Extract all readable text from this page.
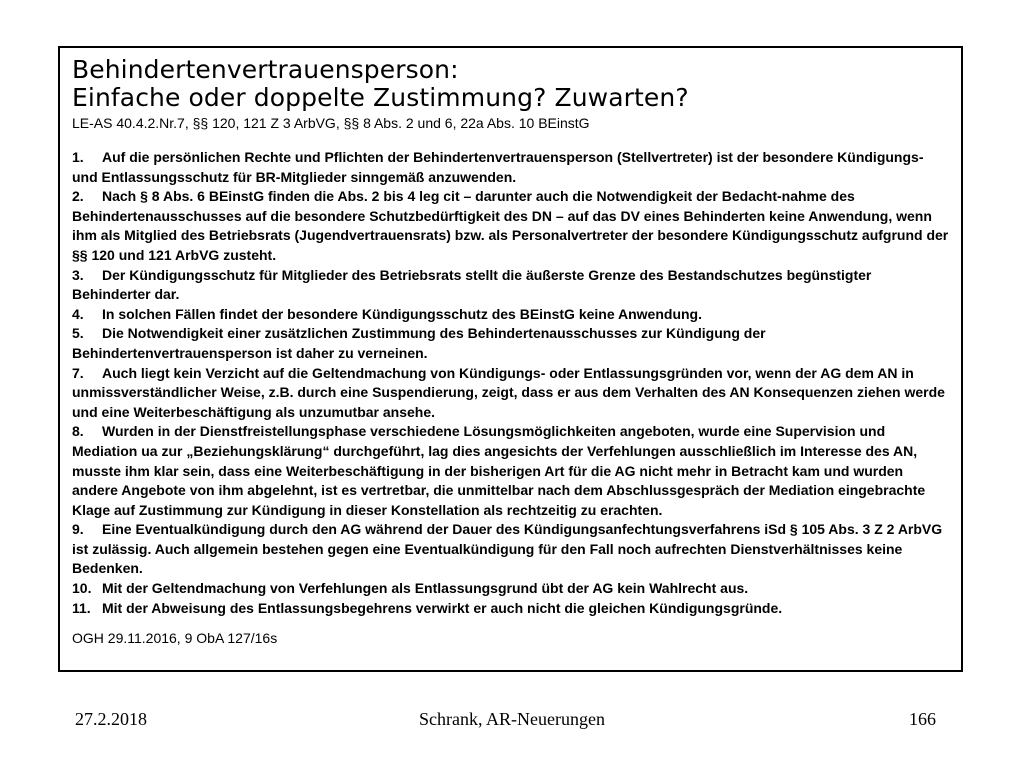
Behindertenvertrauensperson:
Einfache oder doppelte Zustimmung? Zuwarten?

LE-AS 40.4.2.Nr.7, §§ 120, 121 Z 3 ArbVG, §§ 8 Abs. 2 und 6, 22a Abs. 10 BEinstG

1. Auf die persönlichen Rechte und Pflichten der Behindertenvertrauensperson (Stellvertreter) ist der besondere Kündigungs- und Entlassungsschutz für BR-Mitglieder sinngemäß anzuwenden.
2. Nach § 8 Abs. 6 BEinstG finden die Abs. 2 bis 4 leg cit – darunter auch die Notwendigkeit der Bedacht-nahme des Behindertenausschusses auf die besondere Schutzbedürftigkeit des DN – auf das DV eines Behinderten keine Anwendung, wenn ihm als Mitglied des Betriebsrats (Jugendvertrauensrats) bzw. als Personalvertreter der besondere Kündigungsschutz aufgrund der §§ 120 und 121 ArbVG zusteht.
3. Der Kündigungsschutz für Mitglieder des Betriebsrats stellt die äußerste Grenze des Bestandschutzes begünstigter Behinderter dar.
4. In solchen Fällen findet der besondere Kündigungsschutz des BEinstG keine Anwendung.
5. Die Notwendigkeit einer zusätzlichen Zustimmung des Behindertenausschusses zur Kündigung der Behindertenvertrauensperson ist daher zu verneinen.
7. Auch liegt kein Verzicht auf die Geltendmachung von Kündigungs- oder Entlassungsgründen vor, wenn der AG dem AN in unmissverständlicher Weise, z.B. durch eine Suspendierung, zeigt, dass er aus dem Verhalten des AN Konsequenzen ziehen werde und eine Weiterbeschäftigung als unzumutbar ansehe.
8. Wurden in der Dienstfreistellungsphase verschiedene Lösungsmöglichkeiten angeboten, wurde eine Supervision und Mediation ua zur „Beziehungsklärung“ durchgeführt, lag dies angesichts der Verfehlungen ausschließlich im Interesse des AN, musste ihm klar sein, dass eine Weiterbeschäftigung in der bisherigen Art für die AG nicht mehr in Betracht kam und wurden andere Angebote von ihm abgelehnt, ist es vertretbar, die unmittelbar nach dem Abschlussgespräch der Mediation eingebrachte Klage auf Zustimmung zur Kündigung in dieser Konstellation als rechtzeitig zu erachten.
9. Eine Eventualkündigung durch den AG während der Dauer des Kündigungsanfechtungsverfahrens iSd § 105 Abs. 3 Z 2 ArbVG ist zulässig. Auch allgemein bestehen gegen eine Eventualkündigung für den Fall noch aufrechten Dienstverhältnisses keine Bedenken.
10. Mit der Geltendmachung von Verfehlungen als Entlassungsgrund übt der AG kein Wahlrecht aus.
11. Mit der Abweisung des Entlassungsbegehrens verwirkt er auch nicht die gleichen Kündigungsgründe.

OGH 29.11.2016, 9 ObA 127/16s

27.2.2018	Schrank, AR-Neuerungen	166
